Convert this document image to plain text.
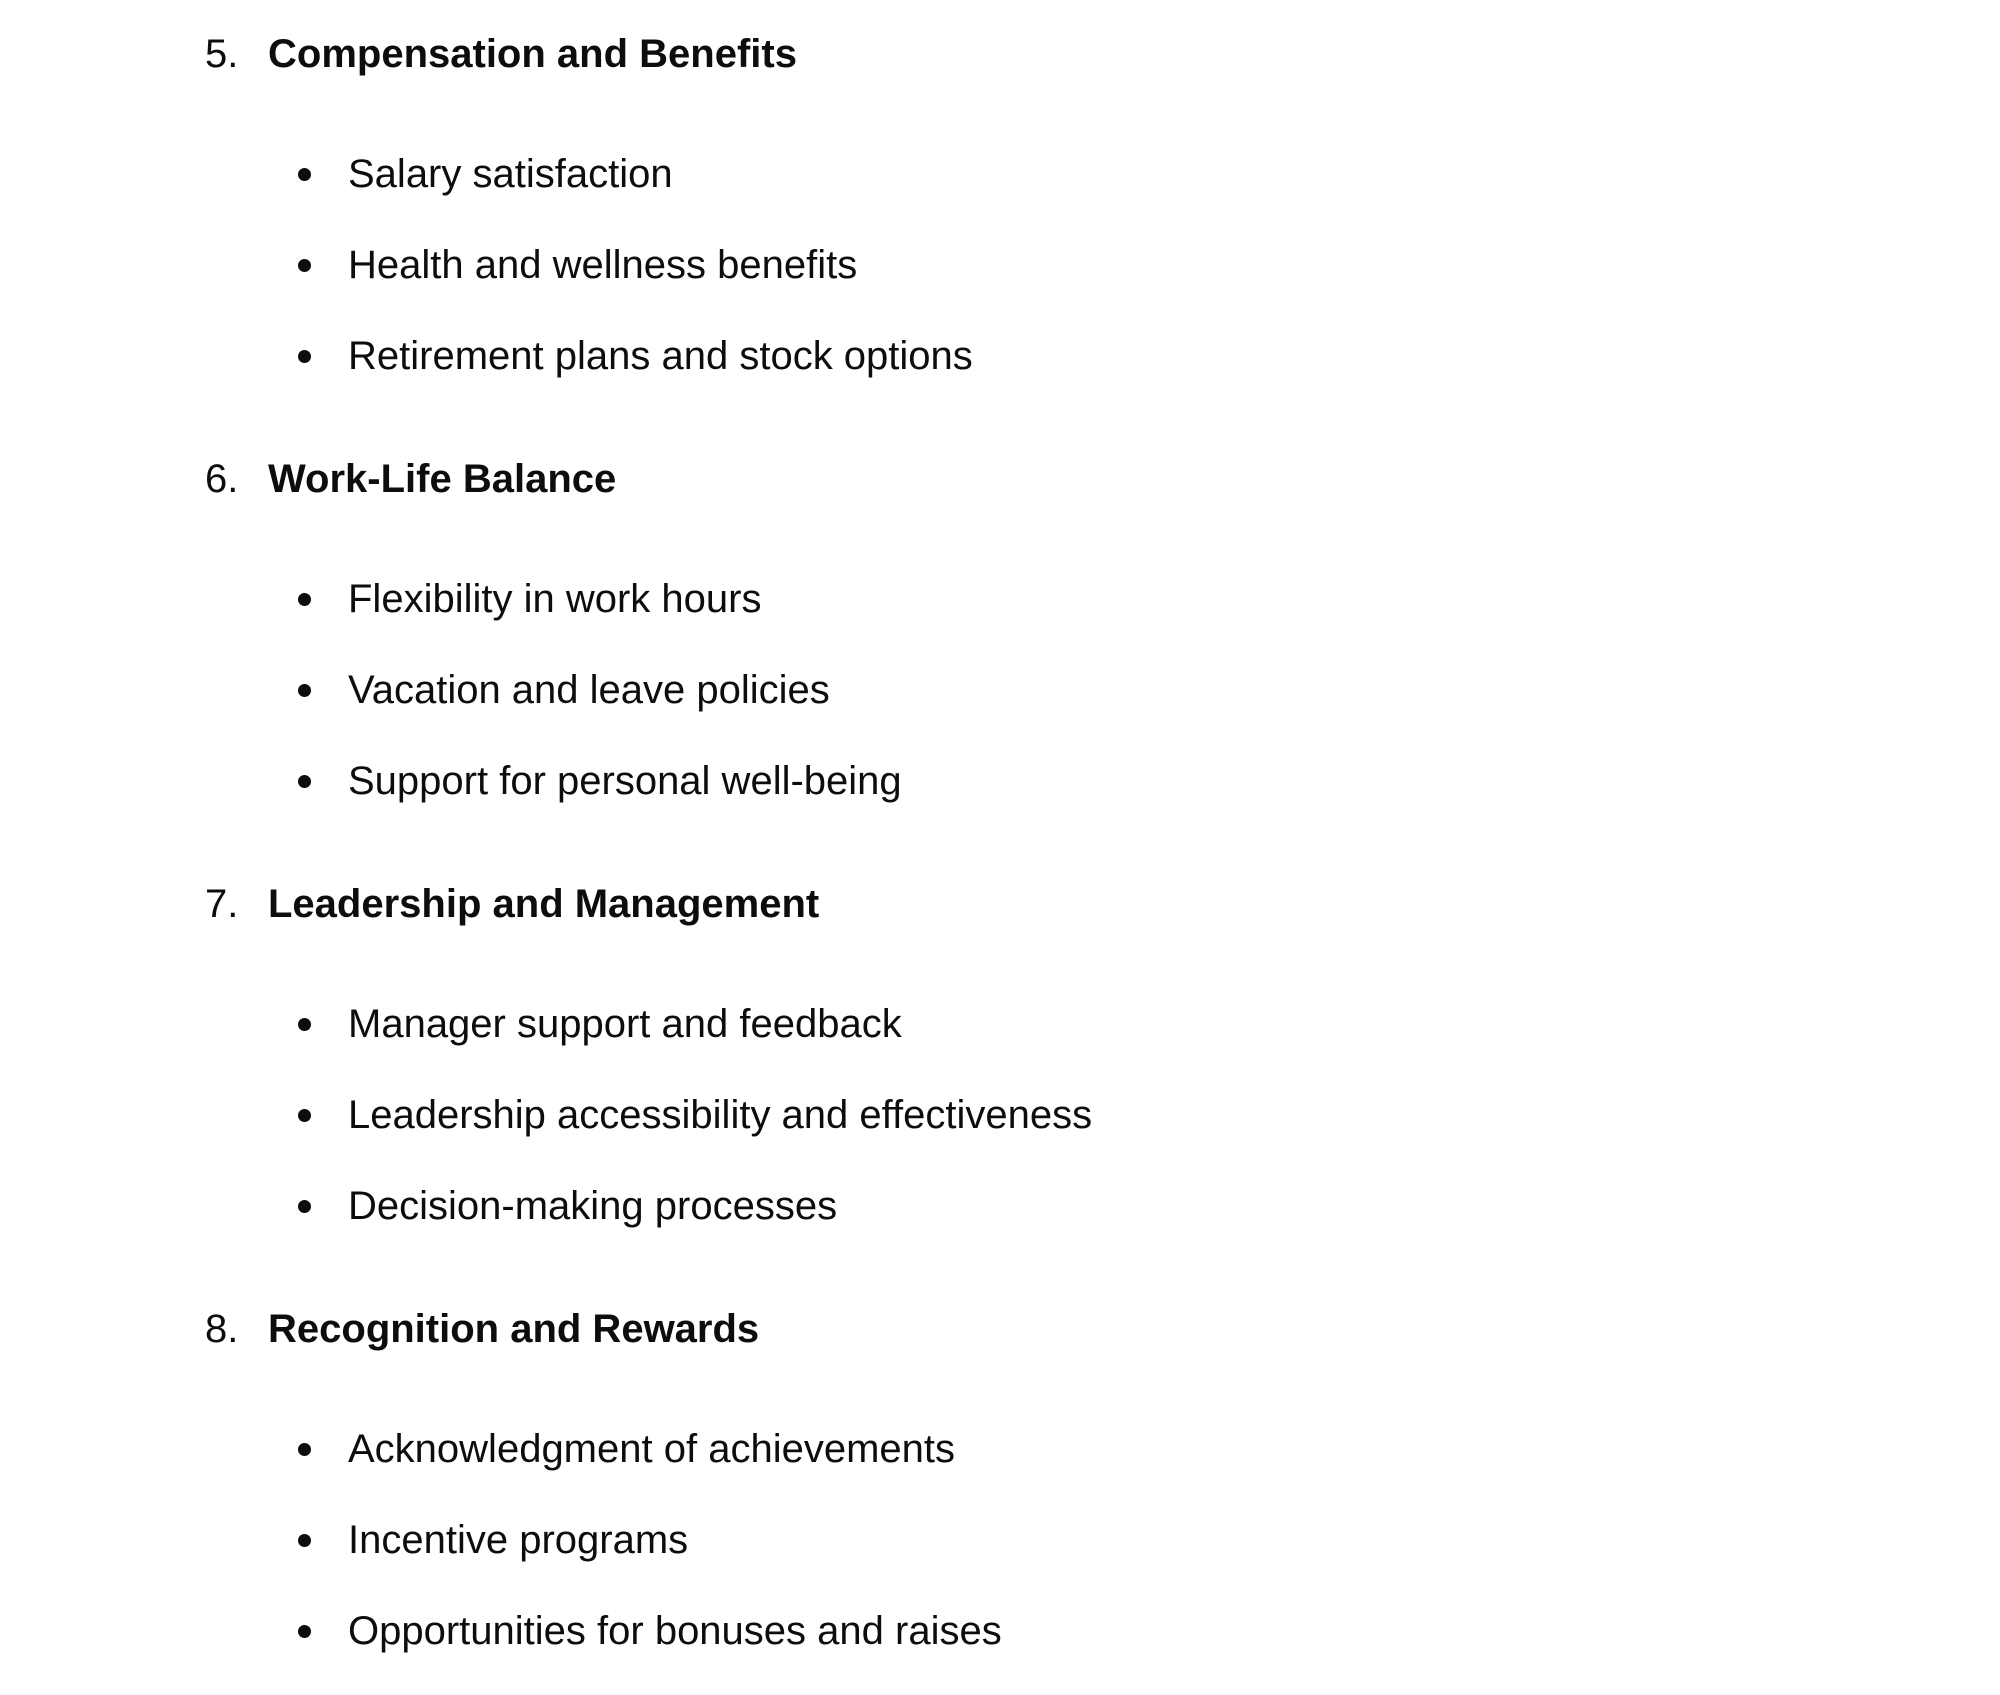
5. Compensation and Benefits
Salary satisfaction
Health and wellness benefits
Retirement plans and stock options
6. Work-Life Balance
Flexibility in work hours
Vacation and leave policies
Support for personal well-being
7. Leadership and Management
Manager support and feedback
Leadership accessibility and effectiveness
Decision-making processes
8. Recognition and Rewards
Acknowledgment of achievements
Incentive programs
Opportunities for bonuses and raises
